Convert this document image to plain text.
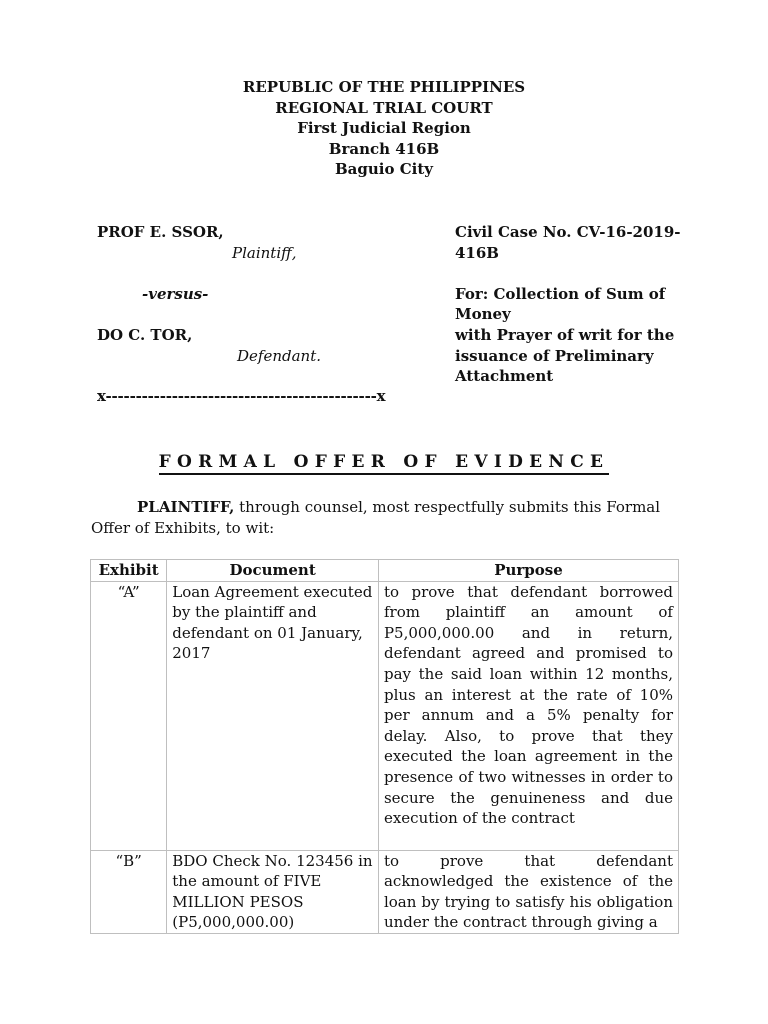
REPUBLIC OF THE PHILIPPINES
REGIONAL TRIAL COURT
First Judicial Region
Branch 416B
Baguio City
PROF E. SSOR,
Plaintiff,
-versus-
DO C. TOR,
Defendant.
Civil Case No. CV-16-2019-416B
For: Collection of Sum of Money
with Prayer of writ for the
issuance of Preliminary
Attachment
x---------------------------------------------x
FORMAL OFFER OF EVIDENCE
PLAINTIFF, through counsel, most respectfully submits this Formal Offer of Exhibits, to wit:
Exhibit	Document	Purpose
“A”	Loan Agreement executed by the plaintiff and defendant on 01 January, 2017	to prove that defendant borrowed from plaintiff an amount of P5,000,000.00 and in return, defendant agreed and promised to pay the said loan within 12 months, plus an interest at the rate of 10% per annum and a 5% penalty for delay. Also, to prove that they executed the loan agreement in the presence of two witnesses in order to secure the genuineness and due execution of the contract
“B”	BDO Check No. 123456 in the amount of FIVE MILLION PESOS (P5,000,000.00)	to prove that defendant acknowledged the existence of the loan by trying to satisfy his obligation under the contract through giving a
